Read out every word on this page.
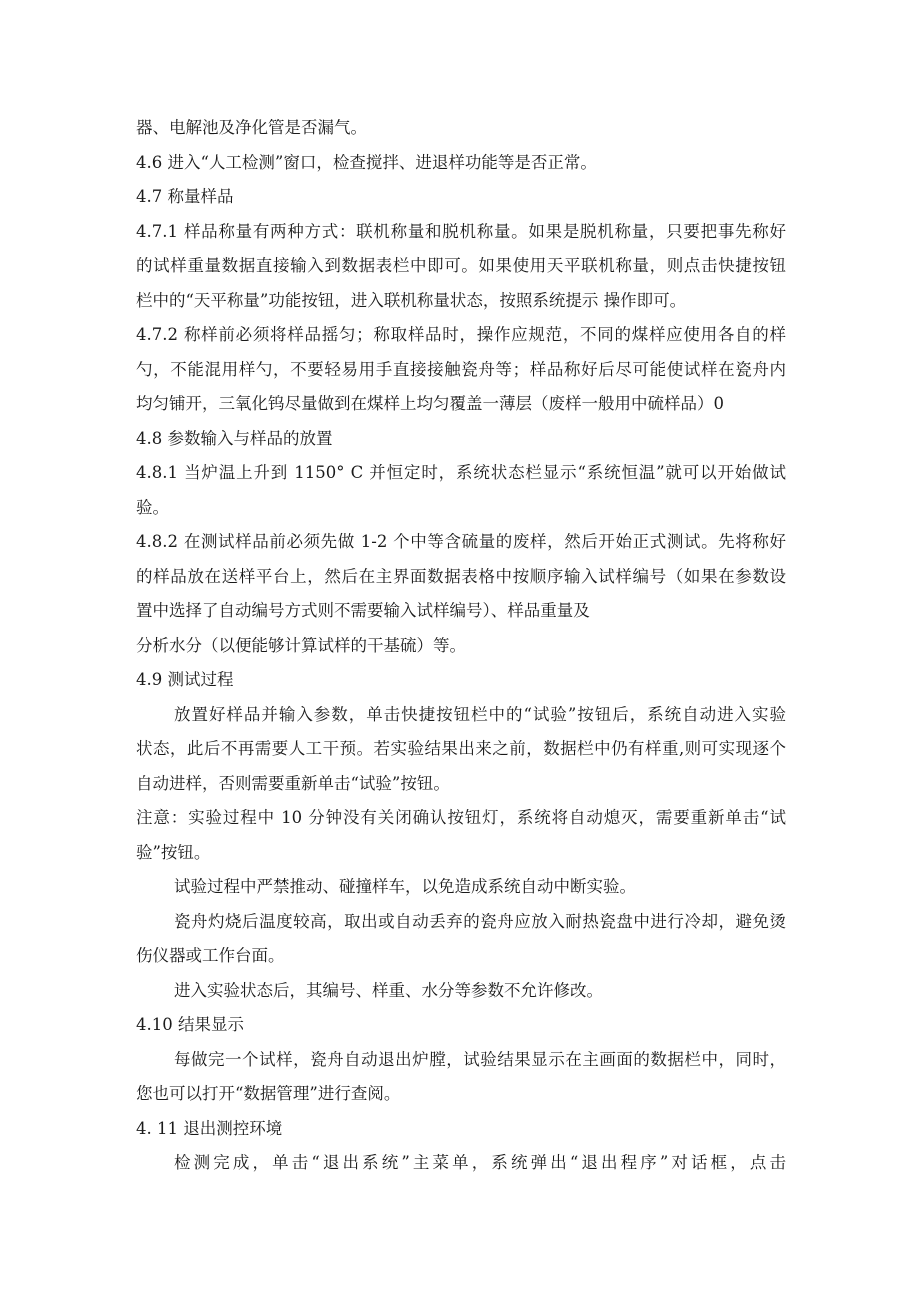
器、电解池及净化管是否漏气。
4.6 进入“人工检测”窗口，检查搅拌、进退样功能等是否正常。
4.7 称量样品
4.7.1 样品称量有两种方式：联机称量和脱机称量。如果是脱机称量，只要把事先称好
的试样重量数据直接输入到数据表栏中即可。如果使用天平联机称量，则点击快捷按钮
栏中的“天平称量”功能按钮，进入联机称量状态，按照系统提示 操作即可。
4.7.2 称样前必须将样品摇匀；称取样品时，操作应规范，不同的煤样应使用各自的样
勺，不能混用样勺，不要轻易用手直接接触瓷舟等；样品称好后尽可能使试样在瓷舟内
均匀铺开，三氧化钨尽量做到在煤样上均匀覆盖一薄层（废样一般用中硫样品）0
4.8 参数输入与样品的放置
4.8.1 当炉温上升到 1150° C 并恒定时，系统状态栏显示“系统恒温”就可以开始做试
验。
4.8.2 在测试样品前必须先做 1-2 个中等含硫量的废样，然后开始正式测试。先将称好
的样品放在送样平台上，然后在主界面数据表格中按顺序输入试样编号（如果在参数设
置中选择了自动编号方式则不需要输入试样编号）、样品重量及
分析水分（以便能够计算试样的干基硫）等。
4.9 测试过程
放置好样品并输入参数，单击快捷按钮栏中的“试验”按钮后，系统自动进入实验
状态，此后不再需要人工干预。若实验结果出来之前，数据栏中仍有样重,则可实现逐个
自动进样，否则需要重新单击“试验”按钮。
注意：实验过程中 10 分钟没有关闭确认按钮灯，系统将自动熄灭，需要重新单击“试
验”按钮。
试验过程中严禁推动、碰撞样车，以免造成系统自动中断实验。
瓷舟灼烧后温度较高，取出或自动丢弃的瓷舟应放入耐热瓷盘中进行冷却，避免烫
伤仪器或工作台面。
进入实验状态后，其编号、样重、水分等参数不允许修改。
4.10 结果显示
每做完一个试样，瓷舟自动退出炉膛，试验结果显示在主画面的数据栏中，同时，
您也可以打开“数据管理”进行查阅。
4. 11 退出测控环境
检测完成，单击“退出系统”主菜单，系统弹出“退出程序”对话框，点击
